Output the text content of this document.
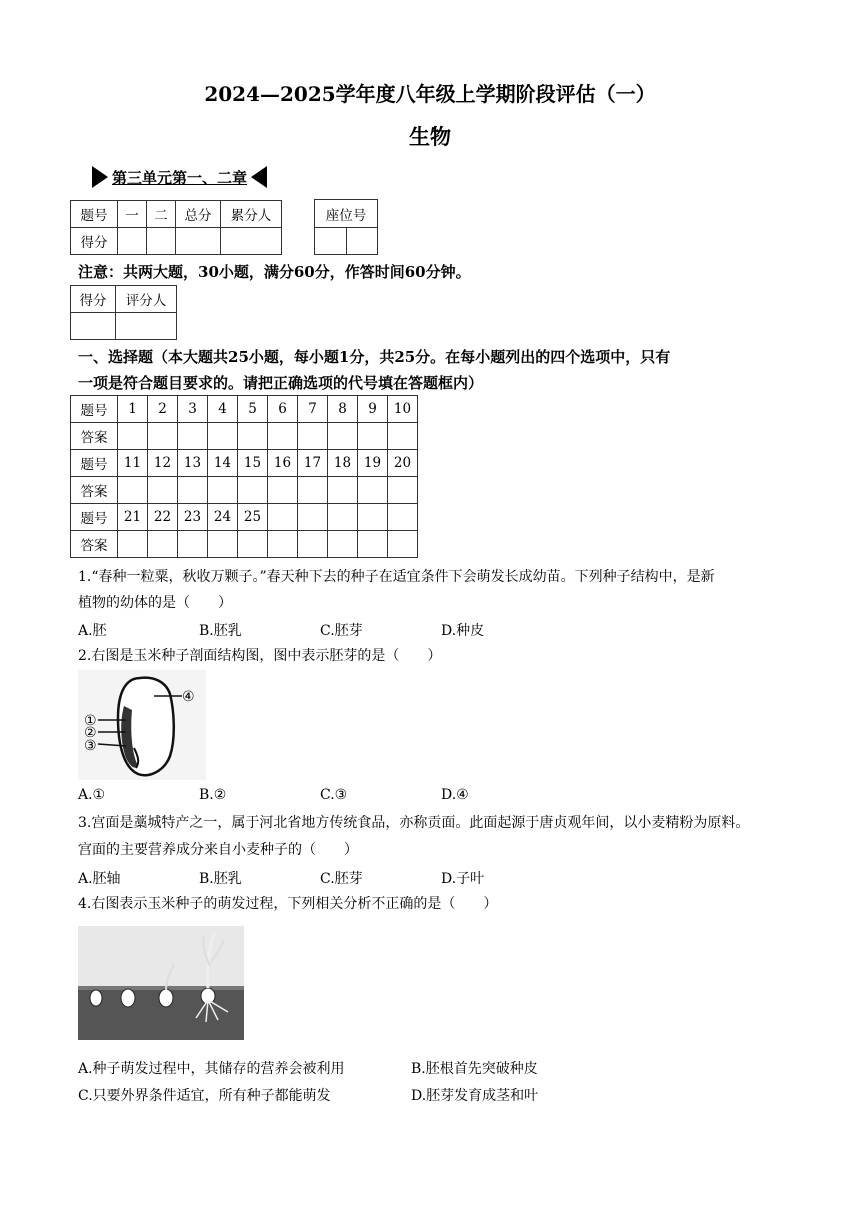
2024—2025学年度八年级上学期阶段评估（一）
生物
第三单元第一、二章
题号	一	二	总分	累分人
得分				
座位号

注意：共两大题，30小题，满分60分，作答时间60分钟。
得分	评分人

一、选择题（本大题共25小题，每小题1分，共25分。在每小题列出的四个选项中，只有
一项是符合题目要求的。请把正确选项的代号填在答题框内）
题号	1	2	3	4	5	6	7	8	9	10
答案										
题号	11	12	13	14	15	16	17	18	19	20
答案										
题号	21	22	23	24	25					
答案										
1.“春种一粒粟，秋收万颗子。”春天种下去的种子在适宜条件下会萌发长成幼苗。下列种子结构中，是新
植物的幼体的是（　　）
A.胚	B.胚乳	C.胚芽	D.种皮
2.右图是玉米种子剖面结构图，图中表示胚芽的是（　　）
④
①
②
③
A.①	B.②	C.③	D.④
3.宫面是藁城特产之一，属于河北省地方传统食品，亦称贡面。此面起源于唐贞观年间，以小麦精粉为原料。
宫面的主要营养成分来自小麦种子的（　　）
A.胚轴	B.胚乳	C.胚芽	D.子叶
4.右图表示玉米种子的萌发过程，下列相关分析不正确的是（　　）
A.种子萌发过程中，其储存的营养会被利用	B.胚根首先突破种皮
C.只要外界条件适宜，所有种子都能萌发	D.胚芽发育成茎和叶
